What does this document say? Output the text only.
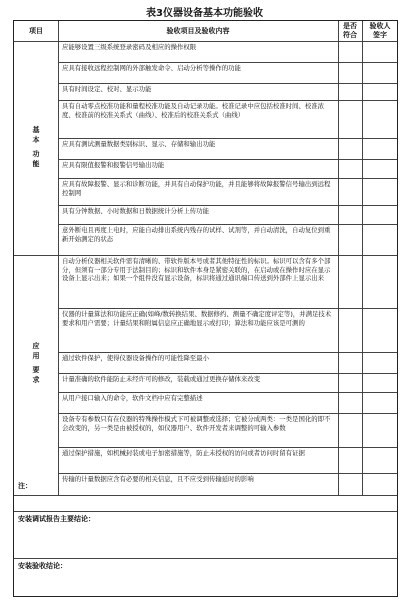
表3仪器设备基本功能验收
项目	验收项目及验收内容
是否
符合
验收人
签字
基
本
功
能
应
用
要
求
注：
安装调试报告主要结论：
安装验收结论：
应能够设置三级系统登录密码及相应的操作权限
应具有接收远程控制网的外部触发命令、启动分析等操作的功能
具有时间设定、校对、显示功能
具有自动零点校准功能和量程校准功能及自动记录功能。校准记录中应包括校准时间、校准浓度、校准前的校准关系式（曲线）、校准后的校准关系式（曲线）
应具有测试测量数据类别标识、显示、存储和输出功能
应具有限值报警和报警信号输出功能
应具有故障报警、显示和诊断功能，并具有自动保护功能，并且能够将故障报警信号输出到远程控制网
具有分钟数据、小时数据和日数据统计分析上传功能
意外断电且再度上电时，应能自动排出系统内残存的试样、试剂等，并自动清洗，自动复位到重新开始测定的状态
自动分析仪器相关软件需有清晰的、带软件版本号或者其他特征性的标识。标识可以含有多个部分，但须有一部分专用于法制目的；标识和软件本身是紧密关联的，在启动或在操作时应在显示设备上显示出来；如果一个组件没有显示设备，标识将通过通讯端口传送到外部件上显示出来
仪器的计量算法和功能应正确(如峰/数转换结果、数据修约、测量不确定度评定等)，并满足技术要求和用户需要；计量结果和附属信息应正确地显示或打印；算法和功能应该是可测的
通过软件保护，使得仪器设备操作的可能性降至最小
计量准确的软件能防止未经许可的修改，装载或通过更换存储体来改变
从用户接口输入的命令，软件文档中应有完整描述
设备专有参数只有在仪器的特殊操作模式下可被调整或选择；它被分成两类：一类是国化的即不会改变的，另一类是由被授权的，如仪器用户、软件开发者来调整的可输入参数
通过保护措施，如机械封装或电子加密措施等，防止未授权的访问或者访问时留有证据
传输的计量数据应含有必要的相关信息，且不应受到传输延时的影响
